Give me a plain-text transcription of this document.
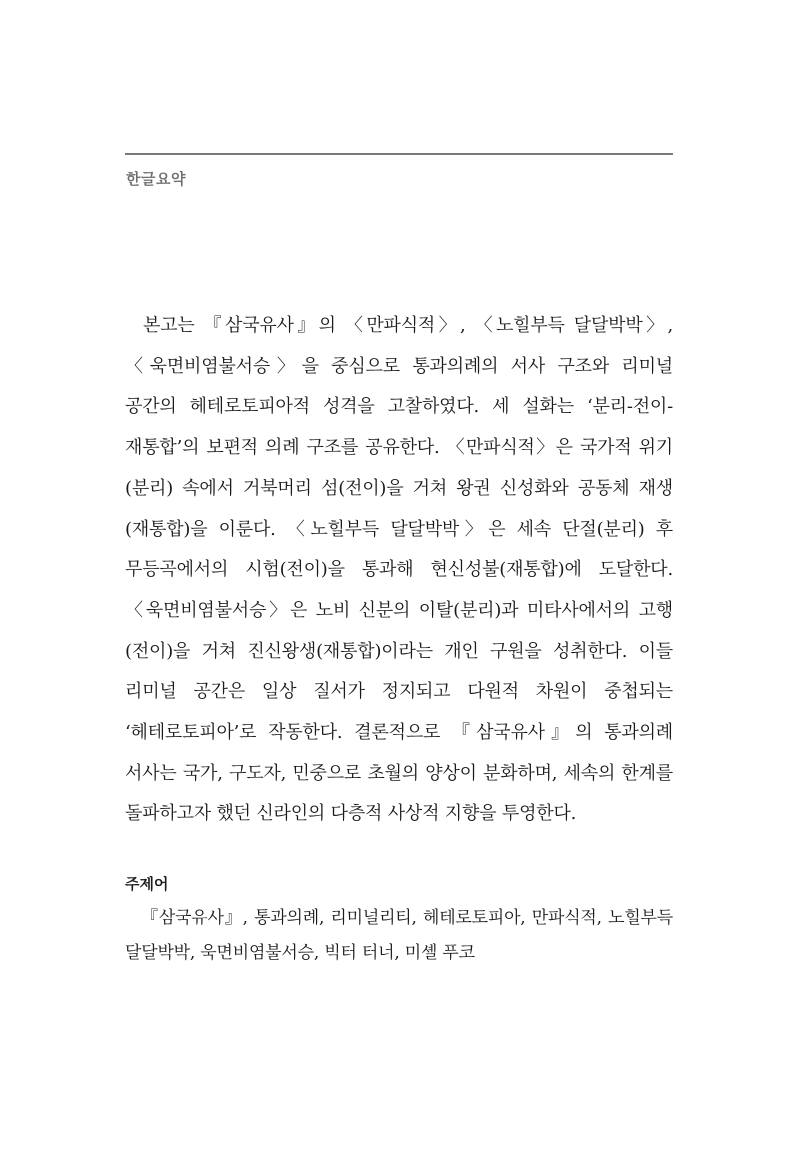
한글요약

본고는 『삼국유사』의 〈만파식적〉, 〈노힐부득 달달박박〉, 〈욱면비염불서승〉을 중심으로 통과의례의 서사 구조와 리미널 공간의 헤테로토피아적 성격을 고찰하였다. 세 설화는 ‘분리-전이-재통합’의 보편적 의례 구조를 공유한다. 〈만파식적〉은 국가적 위기(분리) 속에서 거북머리 섬(전이)을 거쳐 왕권 신성화와 공동체 재생(재통합)을 이룬다. 〈노힐부득 달달박박〉은 세속 단절(분리) 후 무등곡에서의 시험(전이)을 통과해 현신성불(재통합)에 도달한다. 〈욱면비염불서승〉은 노비 신분의 이탈(분리)과 미타사에서의 고행(전이)을 거쳐 진신왕생(재통합)이라는 개인 구원을 성취한다. 이들 리미널 공간은 일상 질서가 정지되고 다원적 차원이 중첩되는 ‘헤테로토피아’로 작동한다. 결론적으로 『삼국유사』의 통과의례 서사는 국가, 구도자, 민중으로 초월의 양상이 분화하며, 세속의 한계를 돌파하고자 했던 신라인의 다층적 사상적 지향을 투영한다.

주제어

『삼국유사』, 통과의례, 리미널리티, 헤테로토피아, 만파식적, 노힐부득 달달박박, 욱면비염불서승, 빅터 터너, 미셸 푸코
